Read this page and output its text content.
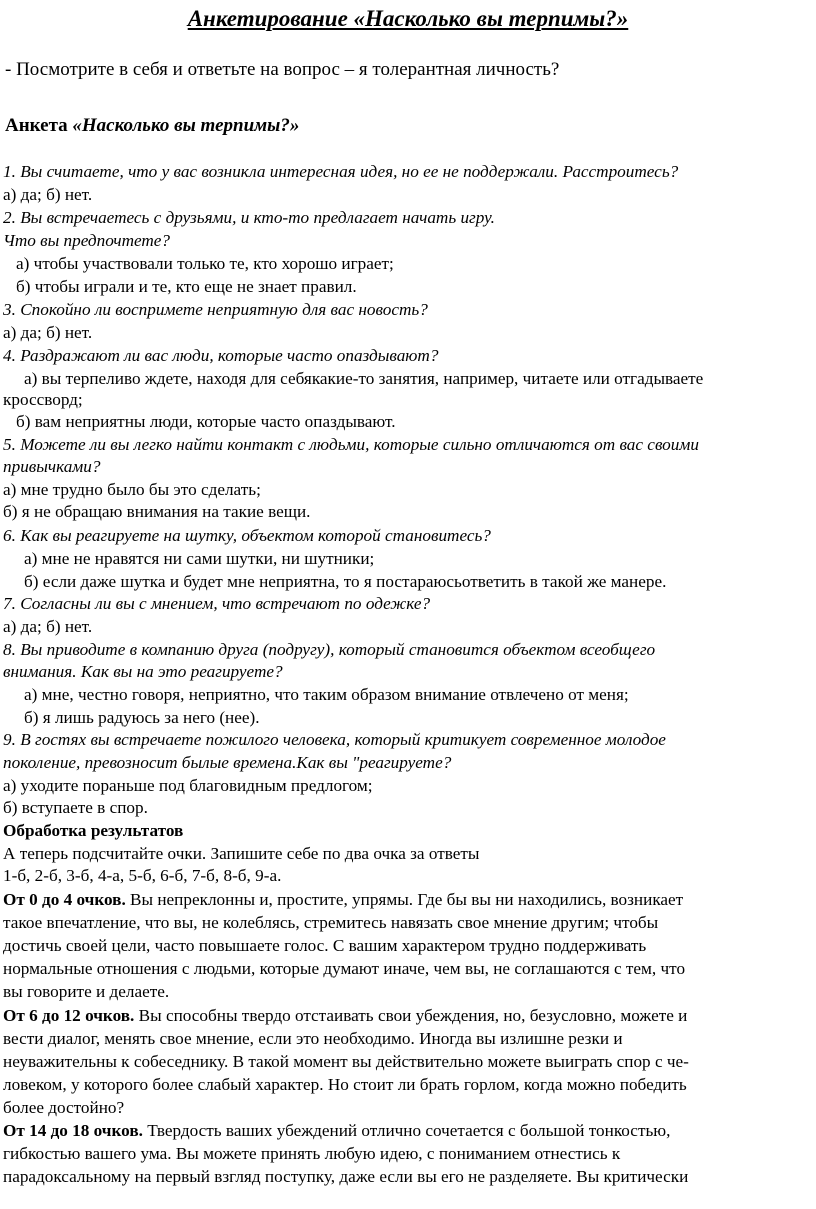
Анкетирование «Насколько вы терпимы?»
- Посмотрите в себя и ответьте на вопрос – я толерантная личность?
Анкета «Насколько вы терпимы?»
1. Вы считаете, что у вас возникла интересная идея, но ее не поддержали. Расстроитесь?
а) да; б) нет.
2. Вы встречаетесь с друзьями, и кто-то предлагает начать игру.
Что вы предпочтете?
а) чтобы участвовали только те, кто хорошо играет;
б) чтобы играли и те, кто еще не знает правил.
3. Спокойно ли воспримете неприятную для вас новость?
а) да; б) нет.
4. Раздражают ли вас люди, которые часто опаздывают?
а) вы терпеливо ждете, находя для себякакие-то занятия, например, читаете или отгадываете
кроссворд;
б) вам неприятны люди, которые часто опаздывают.
5. Можете ли вы легко найти контакт с людьми, которые сильно отличаются от вас своими
привычками?
а) мне трудно было бы это сделать;
б) я не обращаю внимания на такие вещи.
6. Как вы реагируете на шутку, объектом которой становитесь?
а) мне не нравятся ни сами шутки, ни шутники;
б) если даже шутка и будет мне неприятна, то я постараюсьответить в такой же манере.
7. Согласны ли вы с мнением, что встречают по одежке?
а) да; б) нет.
8. Вы приводите в компанию друга (подругу), который становится объектом всеобщего
внимания. Как вы на это реагируете?
а) мне, честно говоря, неприятно, что таким образом внимание отвлечено от меня;
б) я лишь радуюсь за него (нее).
9. В гостях вы встречаете пожилого человека, который критикует современное молодое
поколение, превозносит былые времена.Как вы "реагируете?
а) уходите пораньше под благовидным предлогом;
б) вступаете в спор.
Обработка результатов
А теперь подсчитайте очки. Запишите себе по два очка за ответы
1-б, 2-б, 3-б, 4-а, 5-б, 6-б, 7-б, 8-б, 9-а.
От 0 до 4 очков. Вы непреклонны и, простите, упрямы. Где бы вы ни находились, возникает
такое впечатление, что вы, не колеблясь, стремитесь навязать свое мнение другим; чтобы
достичь своей цели, часто повышаете голос. С вашим характером трудно поддерживать
нормальные отношения с людьми, которые думают иначе, чем вы, не соглашаются с тем, что
вы говорите и делаете.
От 6 до 12 очков. Вы способны твердо отстаивать свои убеждения, но, безусловно, можете и
вести диалог, менять свое мнение, если это необходимо. Иногда вы излишне резки и
неуважительны к собеседнику. В такой момент вы действительно можете выиграть спор с че-
ловеком, у которого более слабый характер. Но стоит ли брать горлом, когда можно победить
более достойно?
От 14 до 18 очков. Твердость ваших убеждений отлично сочетается с большой тонкостью,
гибкостью вашего ума. Вы можете принять любую идею, с пониманием отнестись к
парадоксальному на первый взгляд поступку, даже если вы его не разделяете. Вы критически
